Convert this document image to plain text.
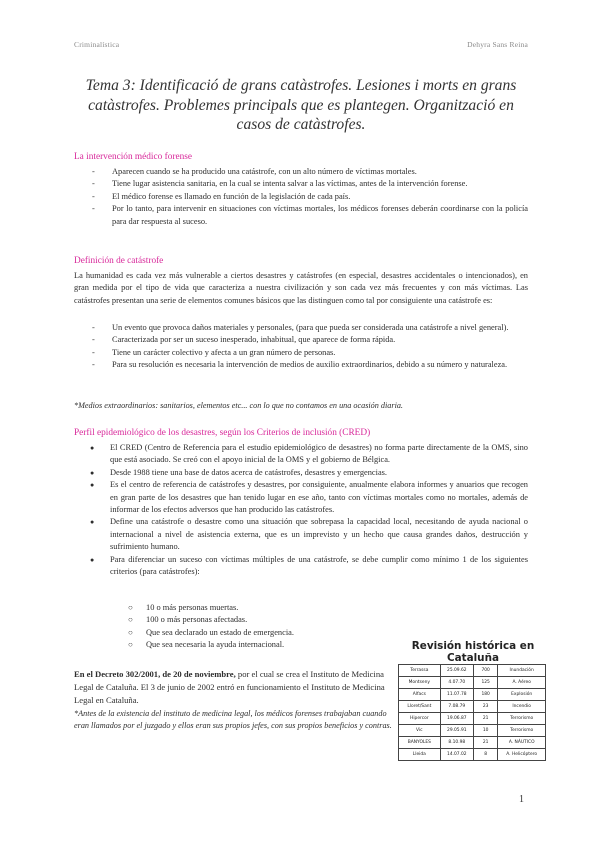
Criminalística	Dehyra Sans Reina
Tema 3: Identificació de grans catàstrofes. Lesiones i morts en grans catàstrofes. Problemes principals que es plantegen. Organització en casos de catàstrofes.
La intervención médico forense
- Aparecen cuando se ha producido una catástrofe, con un alto número de víctimas mortales.
- Tiene lugar asistencia sanitaria, en la cual se intenta salvar a las víctimas, antes de la intervención forense.
- El médico forense es llamado en función de la legislación de cada país.
- Por lo tanto, para intervenir en situaciones con víctimas mortales, los médicos forenses deberán coordinarse con la policía para dar respuesta al suceso.
Definición de catástrofe
La humanidad es cada vez más vulnerable a ciertos desastres y catástrofes (en especial, desastres accidentales o intencionados), en gran medida por el tipo de vida que caracteriza a nuestra civilización y son cada vez más frecuentes y con más víctimas. Las catástrofes presentan una serie de elementos comunes básicos que las distinguen como tal por consiguiente una catástrofe es:
- Un evento que provoca daños materiales y personales, (para que pueda ser considerada una catástrofe a nivel general).
- Caracterizada por ser un suceso inesperado, inhabitual, que aparece de forma rápida.
- Tiene un carácter colectivo y afecta a un gran número de personas.
- Para su resolución es necesaria la intervención de medios de auxilio extraordinarios, debido a su número y naturaleza.
*Medios extraordinarios: sanitarios, elementos etc... con lo que no contamos en una ocasión diaria.
Perfil epidemiológico de los desastres, según los Criterios de inclusión (CRED)
● El CRED (Centro de Referencia para el estudio epidemiológico de desastres) no forma parte directamente de la OMS, sino que está asociado. Se creó con el apoyo inicial de la OMS y el gobierno de Bélgica.
● Desde 1988 tiene una base de datos acerca de catástrofes, desastres y emergencias.
● Es el centro de referencia de catástrofes y desastres, por consiguiente, anualmente elabora informes y anuarios que recogen en gran parte de los desastres que han tenido lugar en ese año, tanto con víctimas mortales como no mortales, además de informar de los efectos adversos que han producido las catástrofes.
● Define una catástrofe o desastre como una situación que sobrepasa la capacidad local, necesitando de ayuda nacional o internacional a nivel de asistencia externa, que es un imprevisto y un hecho que causa grandes daños, destrucción y sufrimiento humano.
● Para diferenciar un suceso con víctimas múltiples de una catástrofe, se debe cumplir como mínimo 1 de los siguientes criterios (para catástrofes):
○ 10 o más personas muertas.
○ 100 o más personas afectadas.
○ Que sea declarado un estado de emergencia.
○ Que sea necesaria la ayuda internacional.
En el Decreto 302/2001, de 20 de noviembre, por el cual se crea el Instituto de Medicina Legal de Cataluña. El 3 de junio de 2002 entró en funcionamiento el Instituto de Medicina Legal en Cataluña.
*Antes de la existencia del instituto de medicina legal, los médicos forenses trabajaban cuando eran llamados por el juzgado y ellos eran sus propios jefes, con sus propios beneficios y contras.
Revisión histórica en Cataluña
Terrassa	25.09.62	700	Inundación
Montseny	4.07.70	125	A. Aéreo
Alfacs	11.07.78	180	Explosión
Lloret/Sant	7.08.79	23	Incendio
Hipercor	19.06.87	21	Terrorismo
Vic	29.05.91	10	Terrorismo
BANYOLES	8.10.98	21	A. NÁUTICO
Lleida	14.07.02	8	A. Helicóptero
1
